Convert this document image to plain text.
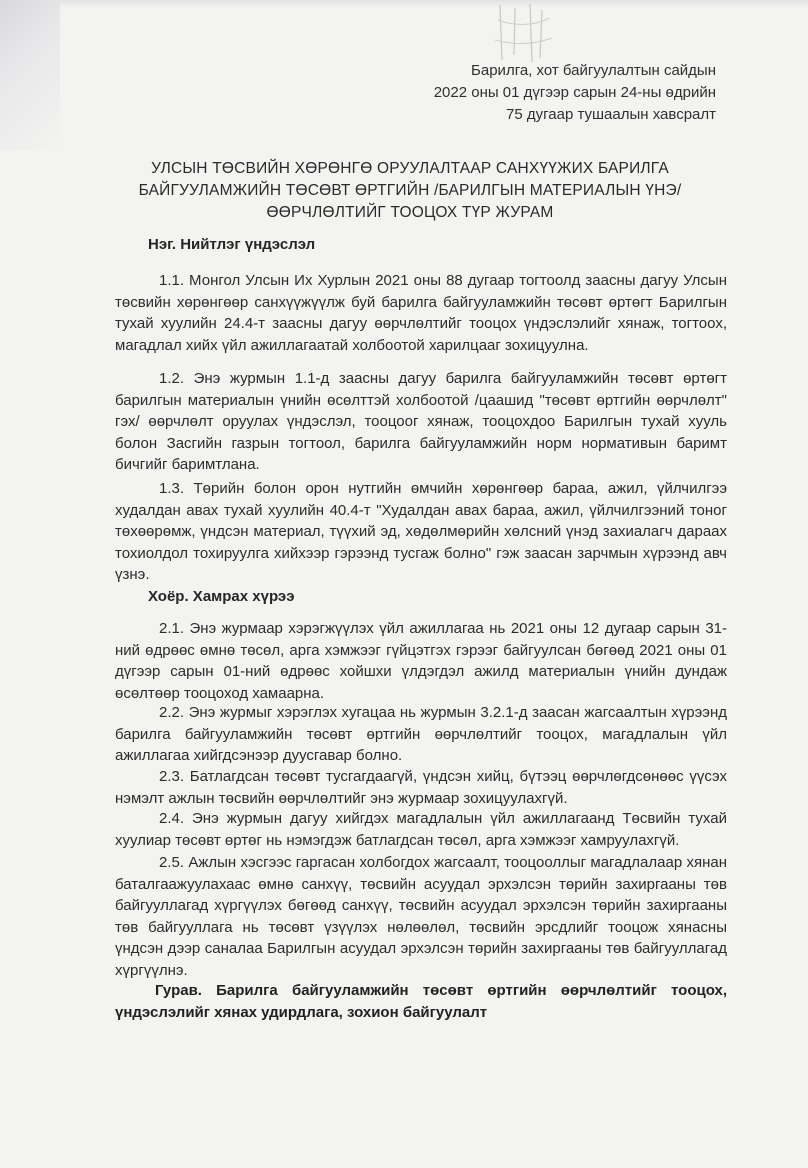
Барилга, хот байгуулалтын сайдын
2022 оны 01 дүгээр сарын 24-ны өдрийн
75 дугаар тушаалын хавсралт
УЛСЫН ТӨСВИЙН ХӨРӨНГӨ ОРУУЛАЛТААР САНХҮҮЖИХ БАРИЛГА
БАЙГУУЛАМЖИЙН ТӨСӨВТ ӨРТГИЙН /БАРИЛГЫН МАТЕРИАЛЫН ҮНЭ/
ӨӨРЧЛӨЛТИЙГ ТООЦОХ ТҮР ЖУРАМ
Нэг. Нийтлэг үндэслэл
1.1. Монгол Улсын Их Хурлын 2021 оны 88 дугаар тогтоолд заасны дагуу Улсын төсвийн хөрөнгөөр санхүүжүүлж буй барилга байгууламжийн төсөвт өртөгт Барилгын тухай хуулийн 24.4-т заасны дагуу өөрчлөлтийг тооцох үндэслэлийг хянаж, тогтоох, магадлал хийх үйл ажиллагаатай холбоотой харилцааг зохицуулна.
1.2. Энэ журмын 1.1-д заасны дагуу барилга байгууламжийн төсөвт өртөгт барилгын материалын үнийн өсөлттэй холбоотой /цаашид "төсөвт өртгийн өөрчлөлт" гэх/ өөрчлөлт оруулах үндэслэл, тооцоог хянаж, тооцохдоо Барилгын тухай хууль болон Засгийн газрын тогтоол, барилга байгууламжийн норм нормативын баримт бичгийг баримтлана.
1.3. Төрийн болон орон нутгийн өмчийн хөрөнгөөр бараа, ажил, үйлчилгээ худалдан авах тухай хуулийн 40.4-т "Худалдан авах бараа, ажил, үйлчилгээний тоног төхөөрөмж, үндсэн материал, түүхий эд, хөдөлмөрийн хөлсний үнэд захиалагч дараах тохиолдол тохируулга хийхээр гэрээнд тусгаж болно" гэж заасан зарчмын хүрээнд авч үзнэ.
Хоёр. Хамрах хүрээ
2.1. Энэ журмаар хэрэгжүүлэх үйл ажиллагаа нь 2021 оны 12 дугаар сарын 31-ний өдрөөс өмнө төсөл, арга хэмжээг гүйцэтгэх гэрээг байгуулсан бөгөөд 2021 оны 01 дүгээр сарын 01-ний өдрөөс хойшхи үлдэгдэл ажилд материалын үнийн дундаж өсөлтөөр тооцоход хамаарна.
2.2. Энэ журмыг хэрэглэх хугацаа нь журмын 3.2.1-д заасан жагсаалтын хүрээнд барилга байгууламжийн төсөвт өртгийн өөрчлөлтийг тооцох, магадлалын үйл ажиллагаа хийгдсэнээр дуусгавар болно.
2.3. Батлагдсан төсөвт тусгагдаагүй, үндсэн хийц, бүтээц өөрчлөгдсөнөөс үүсэх нэмэлт ажлын төсвийн өөрчлөлтийг энэ журмаар зохицуулахгүй.
2.4. Энэ журмын дагуу хийгдэх магадлалын үйл ажиллагаанд Төсвийн тухай хуулиар төсөвт өртөг нь нэмэгдэж батлагдсан төсөл, арга хэмжээг хамруулахгүй.
2.5. Ажлын хэсгээс гаргасан холбогдох жагсаалт, тооцооллыг магадлалаар хянан баталгаажуулахаас өмнө санхүү, төсвийн асуудал эрхэлсэн төрийн захиргааны төв байгууллагад хүргүүлэх бөгөөд санхүү, төсвийн асуудал эрхэлсэн төрийн захиргааны төв байгууллага нь төсөвт үзүүлэх нөлөөлөл, төсвийн эрсдлийг тооцож хянасны үндсэн дээр саналаа Барилгын асуудал эрхэлсэн төрийн захиргааны төв байгууллагад хүргүүлнэ.
Гурав. Барилга байгууламжийн төсөвт өртгийн өөрчлөлтийг тооцох, үндэслэлийг хянах удирдлага, зохион байгуулалт
